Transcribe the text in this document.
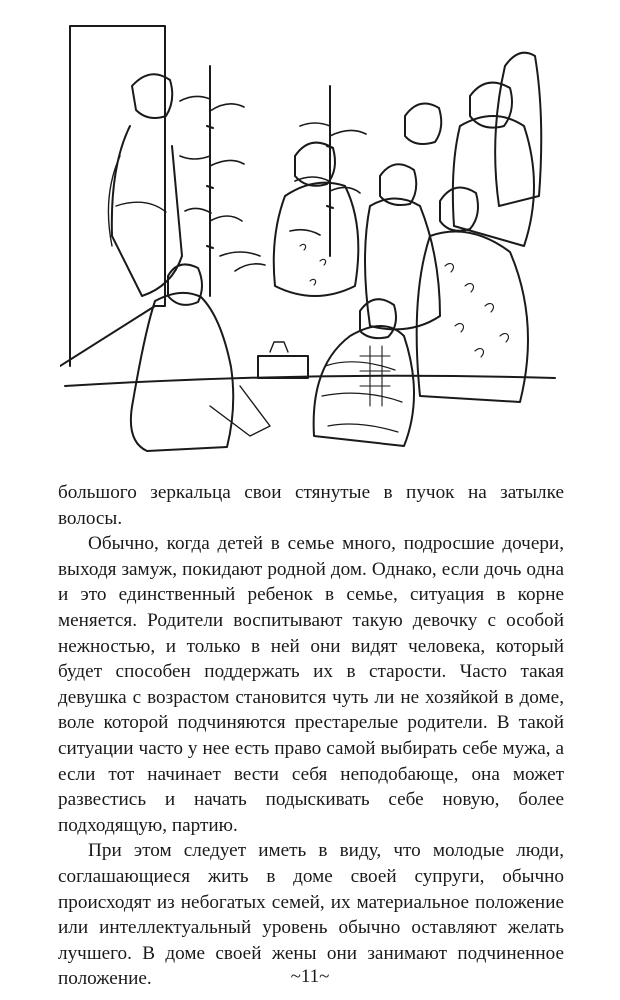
большого зеркальца свои стянутые в пучок на затылке волосы.

Обычно, когда детей в семье много, подросшие дочери, выходя замуж, покидают родной дом. Однако, если дочь одна и это единственный ребенок в семье, ситуация в корне меняется. Родители воспитывают такую девочку с особой нежностью, и только в ней они видят человека, который будет способен поддержать их в старости. Часто такая девушка с возрастом становится чуть ли не хозяйкой в доме, воле которой подчиняются престарелые родители. В такой ситуации часто у нее есть право самой выбирать себе мужа, а если тот начинает вести себя неподобающе, она может развестись и начать подыскивать себе новую, более подходящую, партию.

При этом следует иметь в виду, что молодые люди, соглашающиеся жить в доме своей супруги, обычно происходят из небогатых семей, их материальное положение или интеллектуальный уровень обычно оставляют желать лучшего. В доме своей жены они занимают подчиненное положение.	~11~
